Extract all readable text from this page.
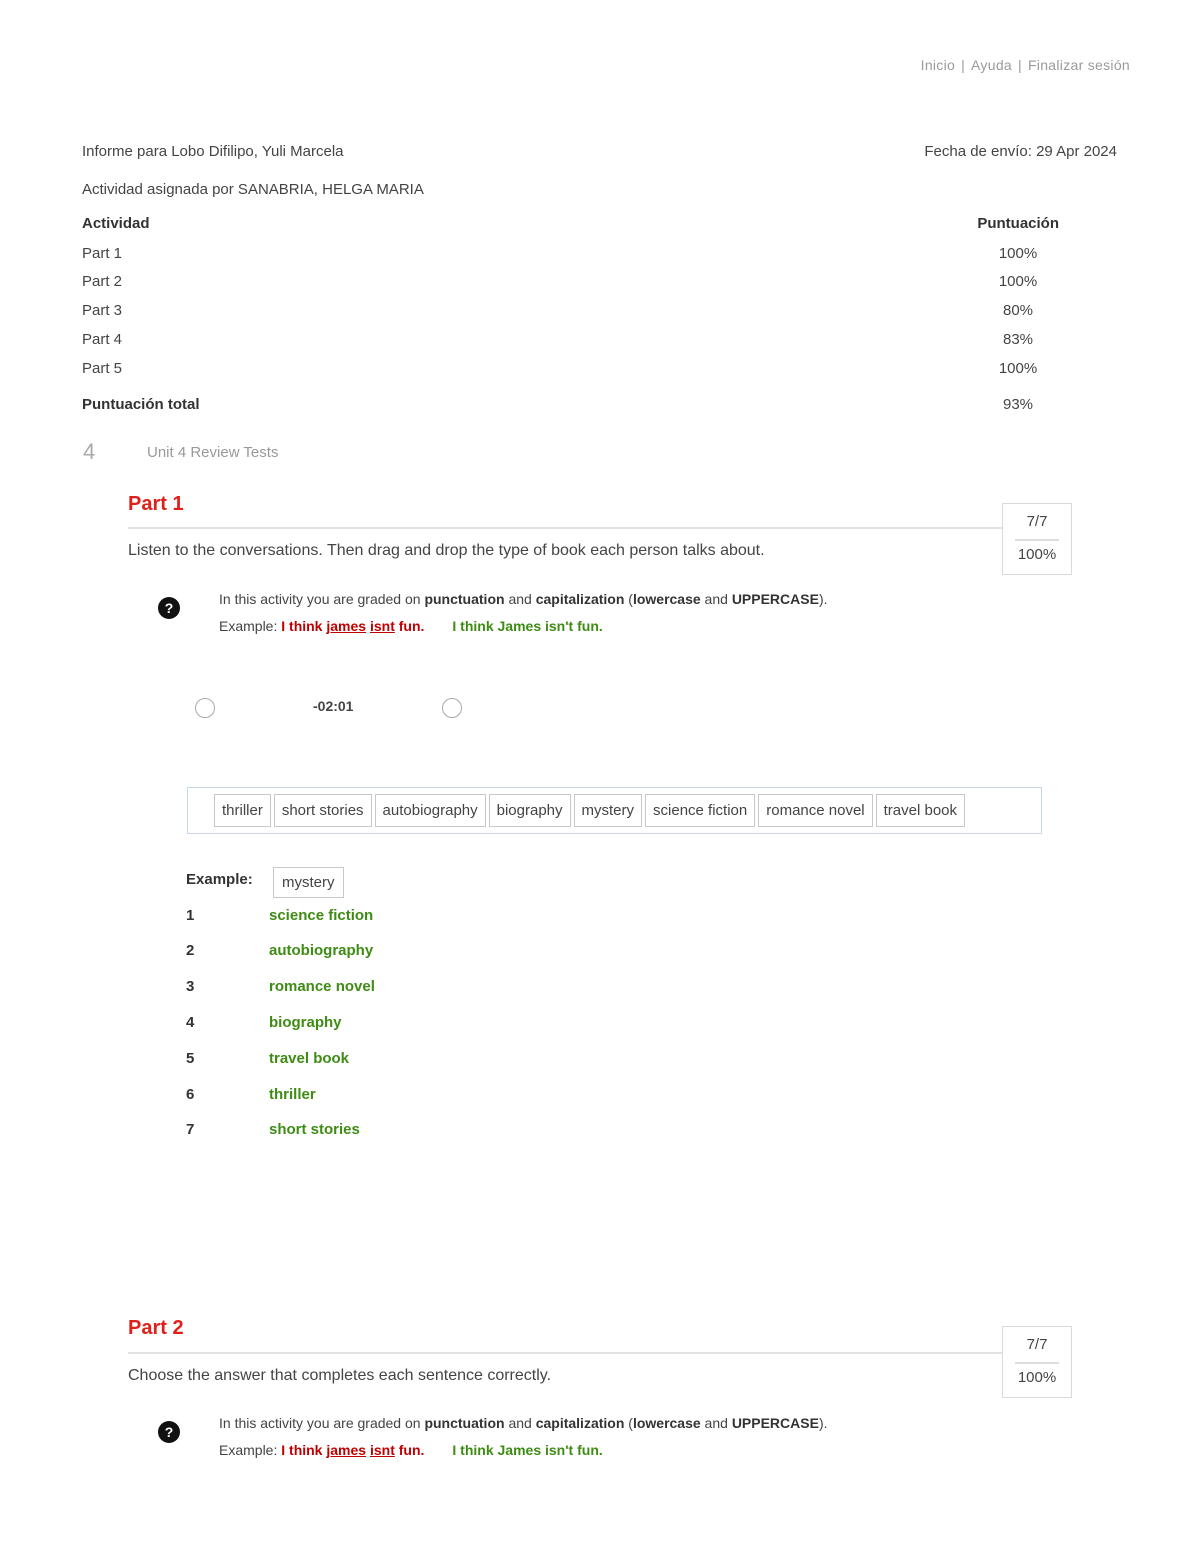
Inicio | Ayuda | Finalizar sesión
Informe para Lobo Difilipo, Yuli Marcela	Fecha de envío: 29 Apr 2024
Actividad asignada por SANABRIA, HELGA MARIA
Actividad	Puntuación
Part 1	100%
Part 2	100%
Part 3	80%
Part 4	83%
Part 5	100%
Puntuación total	93%
4	Unit 4 Review Tests
Part 1
7/7
100%
Listen to the conversations. Then drag and drop the type of book each person talks about.
?
In this activity you are graded on punctuation and capitalization (lowercase and UPPERCASE).
Example: I think james isnt fun. I think James isn't fun.
-02:01
thriller short stories autobiography biography mystery science fiction romance novel travel book
Example:	mystery
1	science fiction
2	autobiography
3	romance novel
4	biography
5	travel book
6	thriller
7	short stories
Part 2
7/7
100%
Choose the answer that completes each sentence correctly.
?
In this activity you are graded on punctuation and capitalization (lowercase and UPPERCASE).
Example: I think james isnt fun. I think James isn't fun.
